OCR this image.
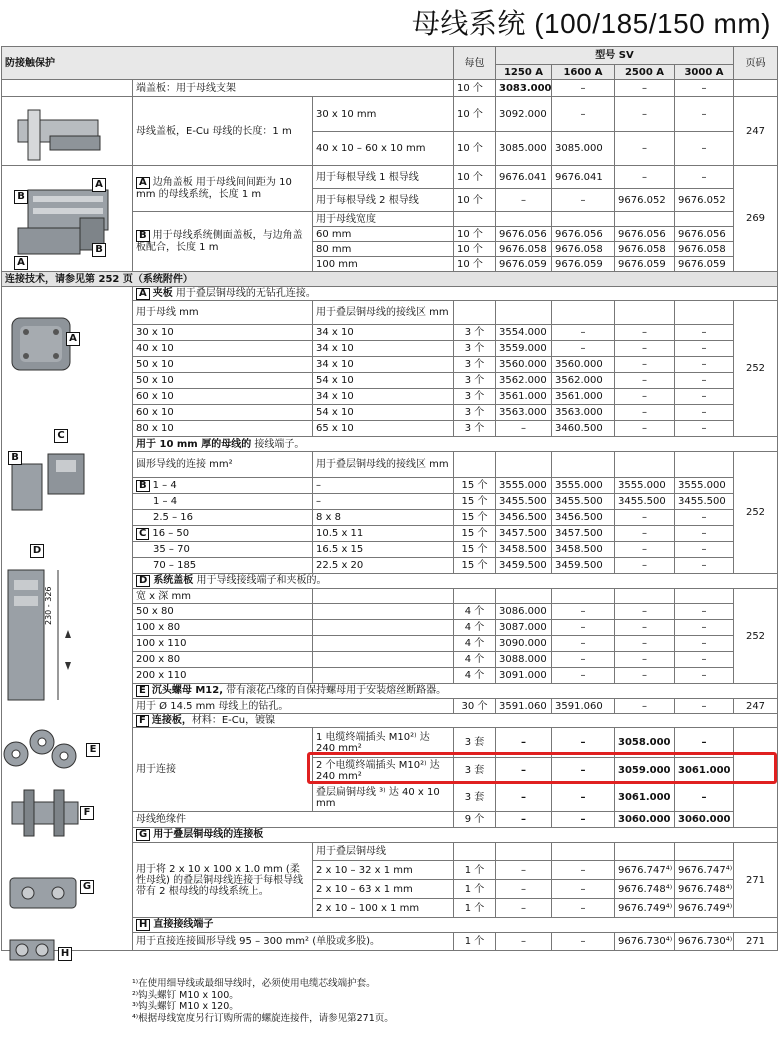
母线系统 (100/185/150 mm)
防接触保护			每包	型号 SV				页码
				1250 A	1600 A	2500 A	3000 A	
	端盖板：用于母线支架		10 个	3083.000	–	–	–	
	母线盖板，E-Cu 母线的长度：1 m	30 x 10 mm	10 个	3092.000	–	–	–	247
		40 x 10 – 60 x 10 mm	10 个	3085.000	3085.000	–	–	
	A 边角盖板 用于母线间间距为 10 mm 的母线系统，长度 1 m	用于每根导线 1 根导线	10 个	9676.041	9676.041	–	–	269
		用于每根导线 2 根导线	10 个	–	–	9676.052	9676.052	
	B 用于母线系统侧面盖板，与边角盖板配合，长度 1 m	用于母线宽度						
		60 mm	10 个	9676.056	9676.056	9676.056	9676.056	
		80 mm	10 个	9676.058	9676.058	9676.058	9676.058	
		100 mm	10 个	9676.059	9676.059	9676.059	9676.059	
连接技术，请参见第 252 页（系统附件）								
	A 夹板 用于叠层铜母线的无钻孔连接。							
	用于母线 mm	用于叠层铜母线的接线区 mm						252
	30 x 10	34 x 10	3 个	3554.000	–	–	–	
	40 x 10	34 x 10	3 个	3559.000	–	–	–	
	50 x 10	34 x 10	3 个	3560.000	3560.000	–	–	
	50 x 10	54 x 10	3 个	3562.000	3562.000	–	–	
	60 x 10	34 x 10	3 个	3561.000	3561.000	–	–	
	60 x 10	54 x 10	3 个	3563.000	3563.000	–	–	
	80 x 10	65 x 10	3 个	–	3460.500	–	–	
	用于 10 mm 厚的母线的 接线端子。							
	圆形导线的连接 mm²	用于叠层铜母线的接线区 mm						252
	B 1 – 4	–	15 个	3555.000	3555.000	3555.000	3555.000	
	1 – 4	–	15 个	3455.500	3455.500	3455.500	3455.500	
	2.5 – 16	8 x 8	15 个	3456.500	3456.500	–	–	
	C 16 – 50	10.5 x 11	15 个	3457.500	3457.500	–	–	
	35 – 70	16.5 x 15	15 个	3458.500	3458.500	–	–	
	70 – 185	22.5 x 20	15 个	3459.500	3459.500	–	–	
	D 系统盖板 用于导线接线端子和夹板的。							
	宽 x 深 mm							252
	50 x 80		4 个	3086.000	–	–	–	
	100 x 80		4 个	3087.000	–	–	–	
	100 x 110		4 个	3090.000	–	–	–	
	200 x 80		4 个	3088.000	–	–	–	
	200 x 110		4 个	3091.000	–	–	–	
	E 沉头螺母 M12, 带有滚花凸缘的自保持螺母用于安装熔丝断路器。							
	用于 Ø 14.5 mm 母线上的钻孔。		30 个	3591.060	3591.060	–	–	247
	F 连接板，材料：E-Cu，镀镍							
	用于连接	1 电缆终端插头 M10²⁾ 达 240 mm²	3 套	–	–	3058.000	–	
		2 个电缆终端插头 M10²⁾ 达 240 mm²	3 套	–	–	3059.000	3061.000	
		叠层扁铜母线 ³⁾ 达 40 x 10 mm	3 套	–	–	3061.000	–	
	母线绝缘件		9 个	–	–	3060.000	3060.000	
	G 用于叠层铜母线的连接板							
	用于将 2 x 10 x 100 x 1.0 mm (柔性母线) 的叠层铜母线连接于每根导线带有 2 根母线的母线系统上。	用于叠层铜母线						271
		2 x 10 – 32 x 1 mm	1 个	–	–	9676.747⁴⁾	9676.747⁴⁾	
		2 x 10 – 63 x 1 mm	1 个	–	–	9676.748⁴⁾	9676.748⁴⁾	
		2 x 10 – 100 x 1 mm	1 个	–	–	9676.749⁴⁾	9676.749⁴⁾	
	H 直接接线端子							
	用于直接连接圆形导线 95 – 300 mm² (单股或多股)。		1 个	–	–	9676.730⁴⁾	9676.730⁴⁾	271
A
B
B
A
A
C
B
230 - 326
D
E
F
G
H
¹⁾在使用细导线或最细导线时，必须使用电缆芯线端护套。
²⁾钩头螺钉 M10 x 100。
³⁾钩头螺钉 M10 x 120。
⁴⁾根据母线宽度另行订购所需的螺旋连接件，请参见第271页。
